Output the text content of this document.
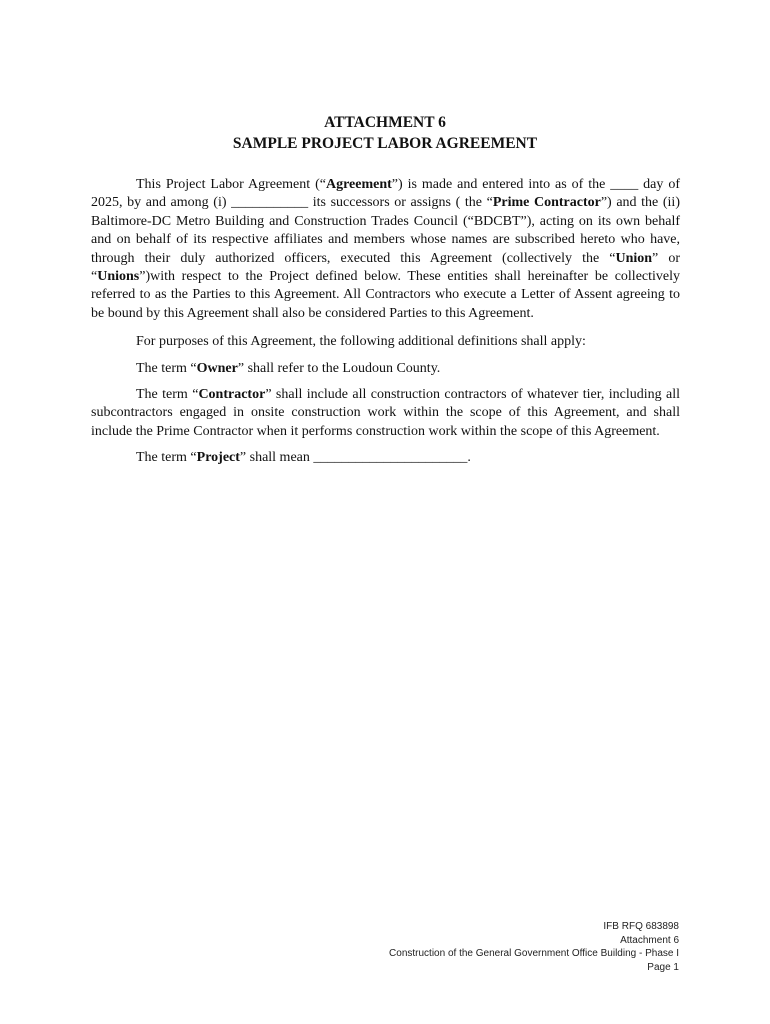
ATTACHMENT 6
SAMPLE PROJECT LABOR AGREEMENT

This Project Labor Agreement (“Agreement”) is made and entered into as of the ____ day of 2025, by and among (i) ___________ its successors or assigns ( the “Prime Contractor”) and the (ii) Baltimore-DC Metro Building and Construction Trades Council (“BDCBT”), acting on its own behalf and on behalf of its respective affiliates and members whose names are subscribed hereto who have, through their duly authorized officers, executed this Agreement (collectively the “Union” or “Unions”)with respect to the Project defined below. These entities shall hereinafter be collectively referred to as the Parties to this Agreement. All Contractors who execute a Letter of Assent agreeing to be bound by this Agreement shall also be considered Parties to this Agreement.

For purposes of this Agreement, the following additional definitions shall apply:

The term “Owner” shall refer to the Loudoun County.

The term “Contractor” shall include all construction contractors of whatever tier, including all subcontractors engaged in onsite construction work within the scope of this Agreement, and shall include the Prime Contractor when it performs construction work within the scope of this Agreement.

The term “Project” shall mean ______________________.

IFB RFQ 683898
Attachment 6
Construction of the General Government Office Building - Phase I
Page 1
